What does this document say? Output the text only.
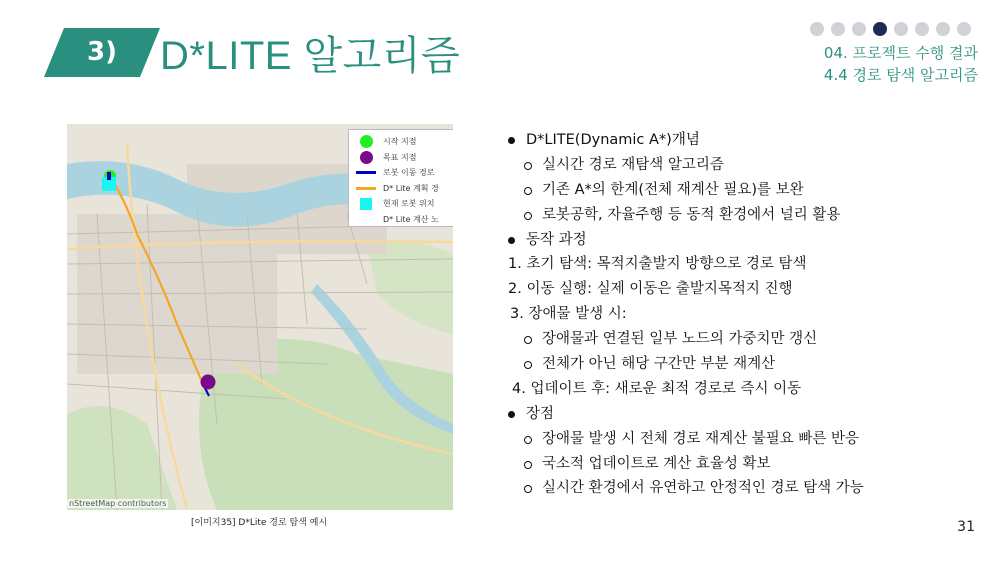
3)	D*LITE 알고리즘	04. 프로젝트 수행 결과
4.4 경로 탐색 알고리즘
시작 지점
목표 지점
로봇 이동 경로
D* Lite 계획 경
현재 로봇 위치
D* Lite 계산 노
nStreetMap contributors
[이미지35] D*Lite 경로 탐색 예시
D*LITE(Dynamic A*)개념
실시간 경로 재탐색 알고리즘
기존 A*의 한계(전체 재계산 필요)를 보완
로봇공학, 자율주행 등 동적 환경에서 널리 활용
동작 과정
1. 초기 탐색: 목적지출발지 방향으로 경로 탐색
2. 이동 실행: 실제 이동은 출발지목적지 진행
3. 장애물 발생 시:
장애물과 연결된 일부 노드의 가중치만 갱신
전체가 아닌 해당 구간만 부분 재계산
4. 업데이트 후: 새로운 최적 경로로 즉시 이동
장점
장애물 발생 시 전체 경로 재계산 불필요 빠른 반응
국소적 업데이트로 계산 효율성 확보
실시간 환경에서 유연하고 안정적인 경로 탐색 가능
31
